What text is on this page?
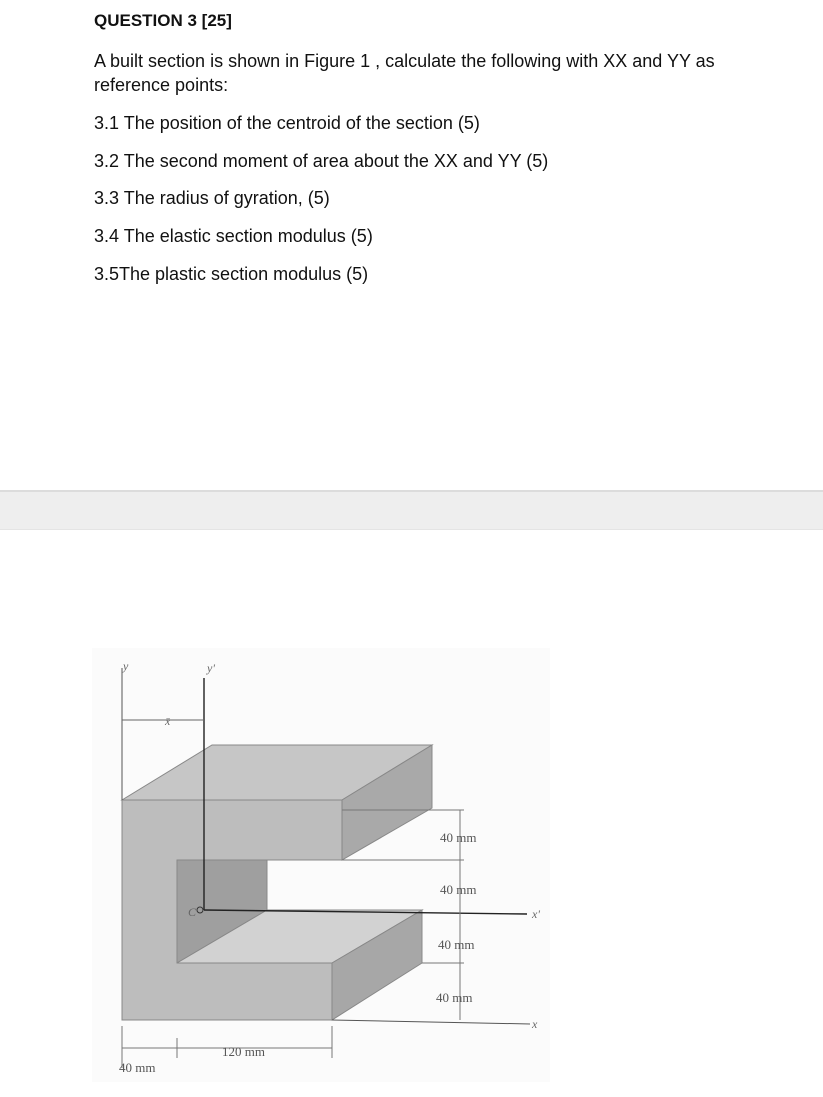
QUESTION 3 [25]
A built section is shown in Figure 1 , calculate the following with XX and YY as reference points:
3.1 The position of the centroid of the section (5)
3.2 The second moment of area about the XX and YY (5)
3.3 The radius of gyration, (5)
3.4 The elastic section modulus (5)
3.5The plastic section modulus (5)
y	y'
x̄
C	x'
x
40 mm
40 mm
40 mm
40 mm
120 mm
40 mm
